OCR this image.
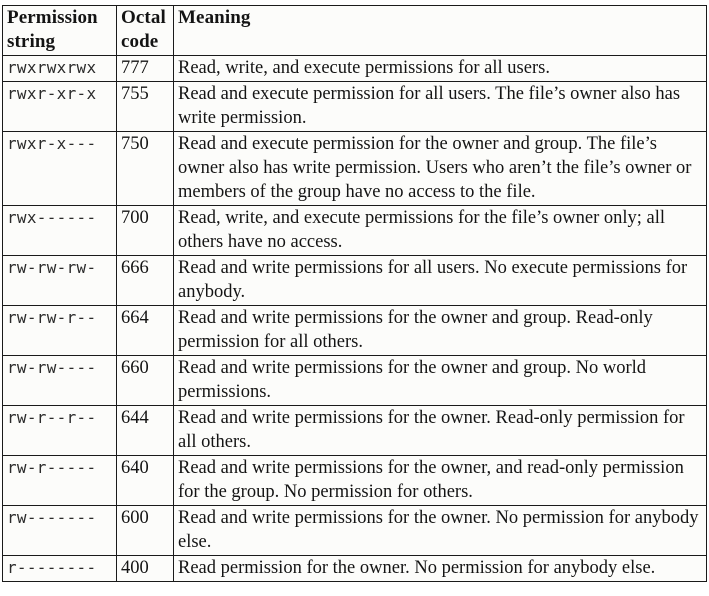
Permission string	Octal code	Meaning
rwxrwxrwx	777	Read, write, and execute permissions for all users.
rwxr-xr-x	755	Read and execute permission for all users. The file’s owner also has write permission.
rwxr-x---	750	Read and execute permission for the owner and group. The file’s owner also has write permission. Users who aren’t the file’s owner or members of the group have no access to the file.
rwx------	700	Read, write, and execute permissions for the file’s owner only; all others have no access.
rw-rw-rw-	666	Read and write permissions for all users. No execute permissions for anybody.
rw-rw-r--	664	Read and write permissions for the owner and group. Read-only permission for all others.
rw-rw----	660	Read and write permissions for the owner and group. No world permissions.
rw-r--r--	644	Read and write permissions for the owner. Read-only permission for all others.
rw-r-----	640	Read and write permissions for the owner, and read-only permission for the group. No permission for others.
rw-------	600	Read and write permissions for the owner. No permission for anybody else.
r--------	400	Read permission for the owner. No permission for anybody else.
